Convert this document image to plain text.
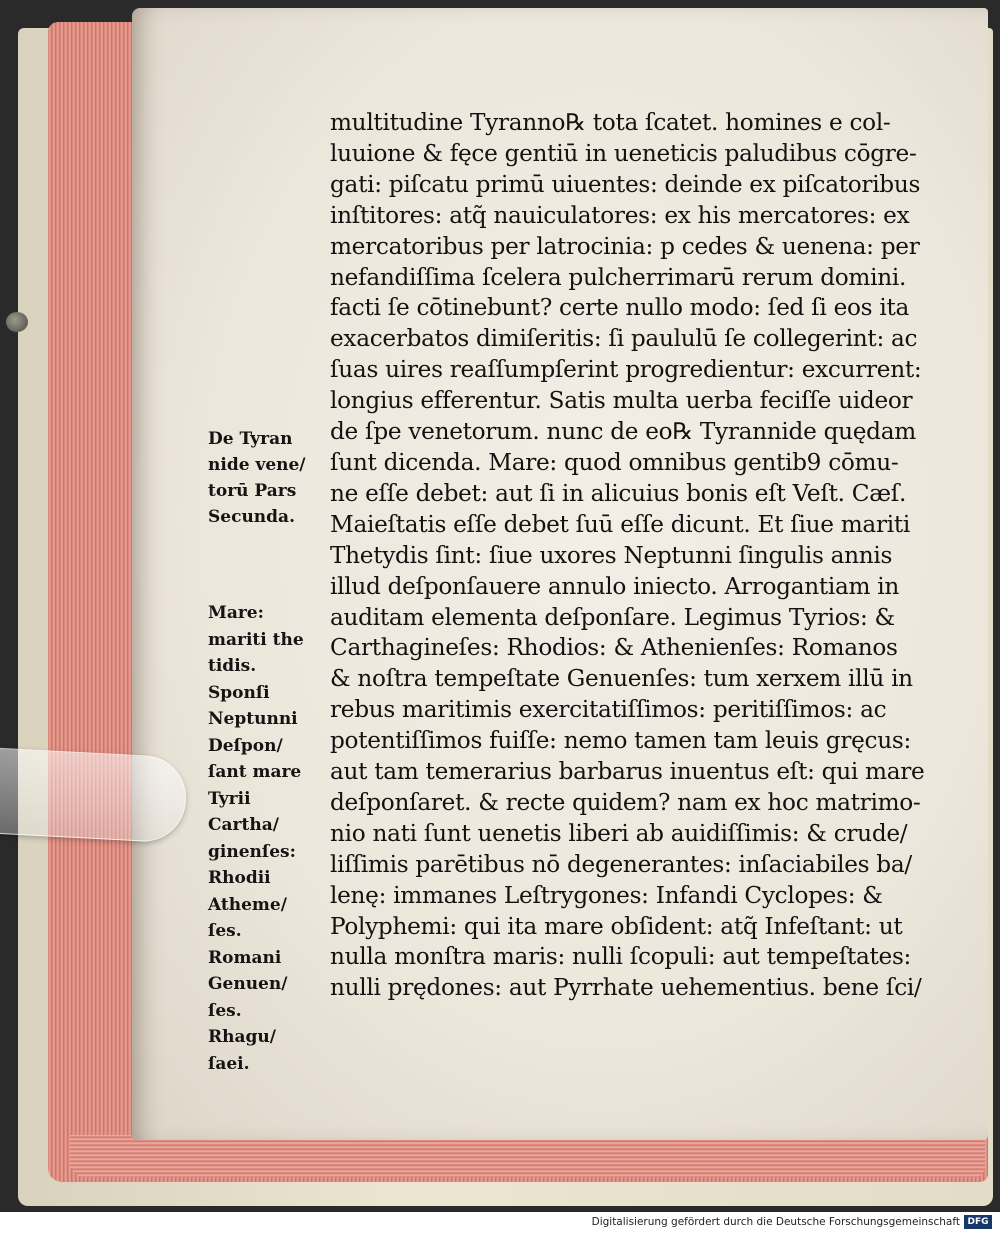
multitudine Tyranno℞ tota ſcatet. homines e col-
luuione & fęce gentiū in ueneticis paludibus cōgre-
gati: piſcatu primū uiuentes: deinde ex piſcatoribus
inſtitores: atq̃ nauiculatores: ex his mercatores: ex
mercatoribus per latrocinia: p cedes & uenena: per
nefandiſſima ſcelera pulcherrimarū rerum domini.
facti ſe cōtinebunt? certe nullo modo: ſed ſi eos ita
exacerbatos dimiſeritis: ſi paululū ſe collegerint: ac
ſuas uires reaſſumpſerint progredientur: excurrent:
longius efferentur. Satis multa uerba feciſſe uideor
de ſpe venetorum. nunc de eo℞ Tyrannide quędam
ſunt dicenda. Mare: quod omnibus gentib9 cōmu-
ne eſſe debet: aut ſi in alicuius bonis eſt Veſt. Cæſ.
Maieſtatis eſſe debet ſuū eſſe dicunt. Et ſiue mariti
Thetydis ſint: ſiue uxores Neptunni ſingulis annis
illud deſponſauere annulo iniecto. Arrogantiam in
auditam elementa deſponſare. Legimus Tyrios: &
Carthagineſes: Rhodios: & Athenienſes: Romanos
& noſtra tempeſtate Genuenſes: tum xerxem illū in
rebus maritimis exercitatiſſimos: peritiſſimos: ac
potentiſſimos fuiſſe: nemo tamen tam leuis gręcus:
aut tam temerarius barbarus inuentus eſt: qui mare
deſponſaret. & recte quidem? nam ex hoc matrimo-
nio nati ſunt uenetis liberi ab auidiſſimis: & crude/
liſſimis parētibus nō degenerantes: inſaciabiles ba/
lenę: immanes Leſtrygones: Infandi Cyclopes: &
Polyphemi: qui ita mare obſident: atq̃ Infeſtant: ut
nulla monſtra maris: nulli ſcopuli: aut tempeſtates:
nulli prędones: aut Pyrrhate uehementius. bene ſci/
De Tyran
nide vene/
torū Pars
Secunda.
Mare:
mariti the
tidis.
Sponſi
Neptunni
Deſpon/
ſant mare
Tyrii
Cartha/
ginenſes:
Rhodii
Atheme/
ſes.
Romani
Genuen/
ſes.
Rhagu/
ſaei.
Digitalisierung gefördert durch die Deutsche Forschungsgemeinschaft DFG
